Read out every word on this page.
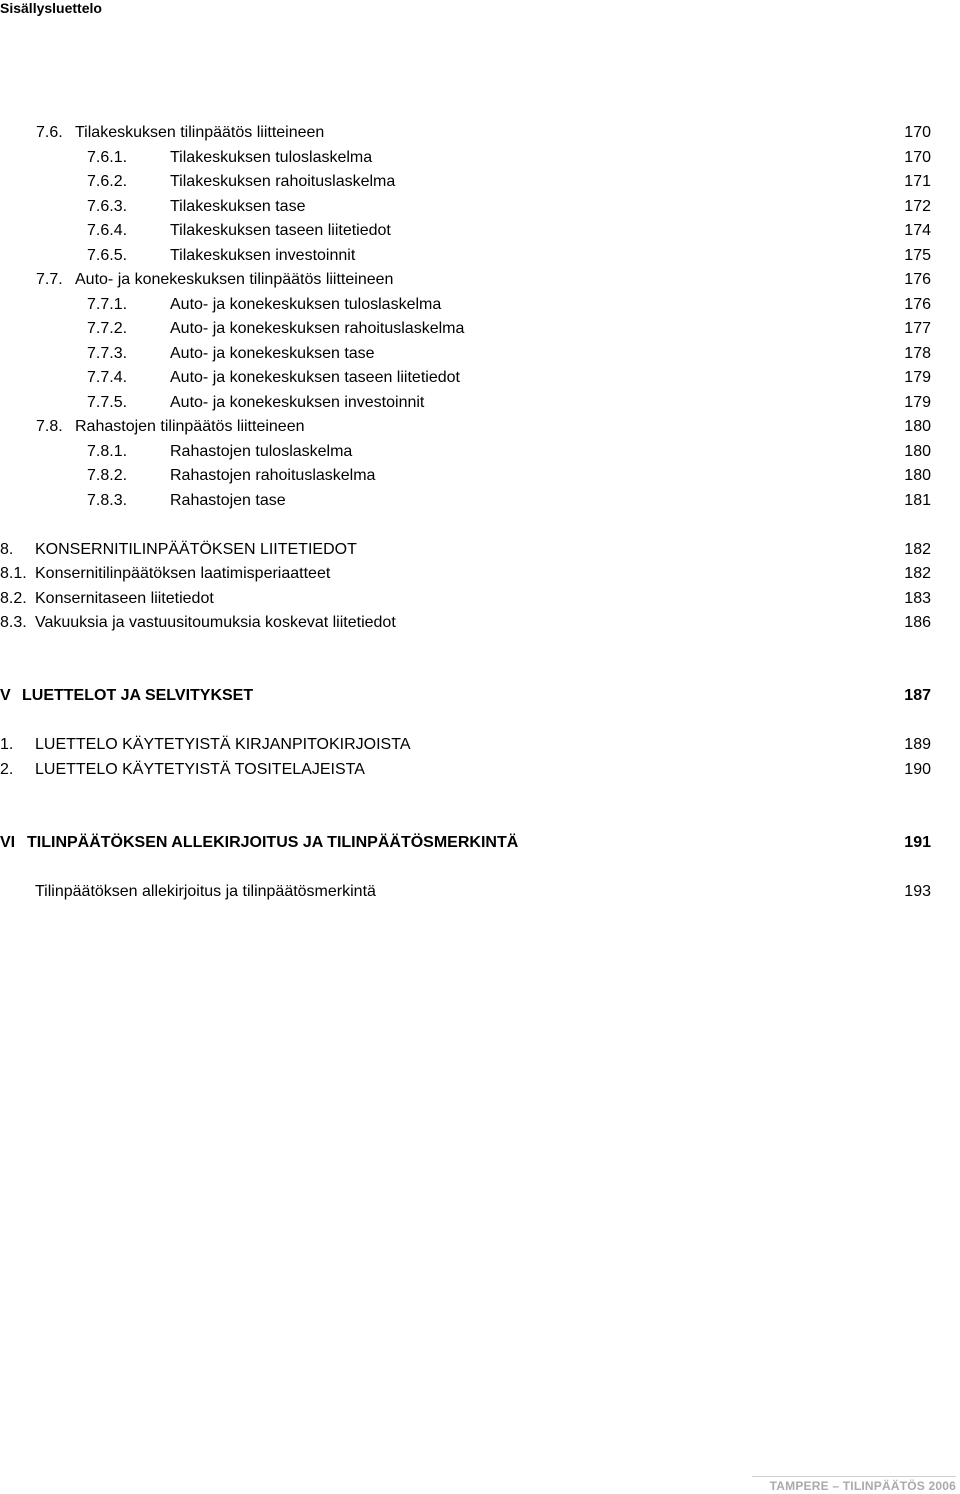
Sisällysluettelo
7.6. Tilakeskuksen tilinpäätös liitteineen	170
7.6.1.	Tilakeskuksen tuloslaskelma	170
7.6.2.	Tilakeskuksen rahoituslaskelma	171
7.6.3.	Tilakeskuksen tase	172
7.6.4.	Tilakeskuksen taseen liitetiedot	174
7.6.5.	Tilakeskuksen investoinnit	175
7.7. Auto- ja konekeskuksen tilinpäätös liitteineen	176
7.7.1.	Auto- ja konekeskuksen tuloslaskelma	176
7.7.2.	Auto- ja konekeskuksen rahoituslaskelma	177
7.7.3.	Auto- ja konekeskuksen tase	178
7.7.4.	Auto- ja konekeskuksen taseen liitetiedot	179
7.7.5.	Auto- ja konekeskuksen investoinnit	179
7.8. Rahastojen tilinpäätös liitteineen	180
7.8.1.	Rahastojen tuloslaskelma	180
7.8.2.	Rahastojen rahoituslaskelma	180
7.8.3.	Rahastojen tase	181
8. KONSERNITILINPÄÄTÖKSEN LIITETIEDOT	182
8.1. Konsernitilinpäätöksen laatimisperiaatteet	182
8.2. Konsernitaseen liitetiedot	183
8.3. Vakuuksia ja vastuusitoumuksia koskevat liitetiedot	186
V LUETTELOT JA SELVITYKSET	187
1. LUETTELO KÄYTETYISTÄ KIRJANPITOKIRJOISTA	189
2. LUETTELO KÄYTETYISTÄ TOSITELAJEISTA	190
VI TILINPÄÄTÖKSEN ALLEKIRJOITUS JA TILINPÄÄTÖSMERKINTÄ	191
Tilinpäätöksen allekirjoitus ja tilinpäätösmerkintä	193
TAMPERE – TILINPÄÄTÖS 2006
